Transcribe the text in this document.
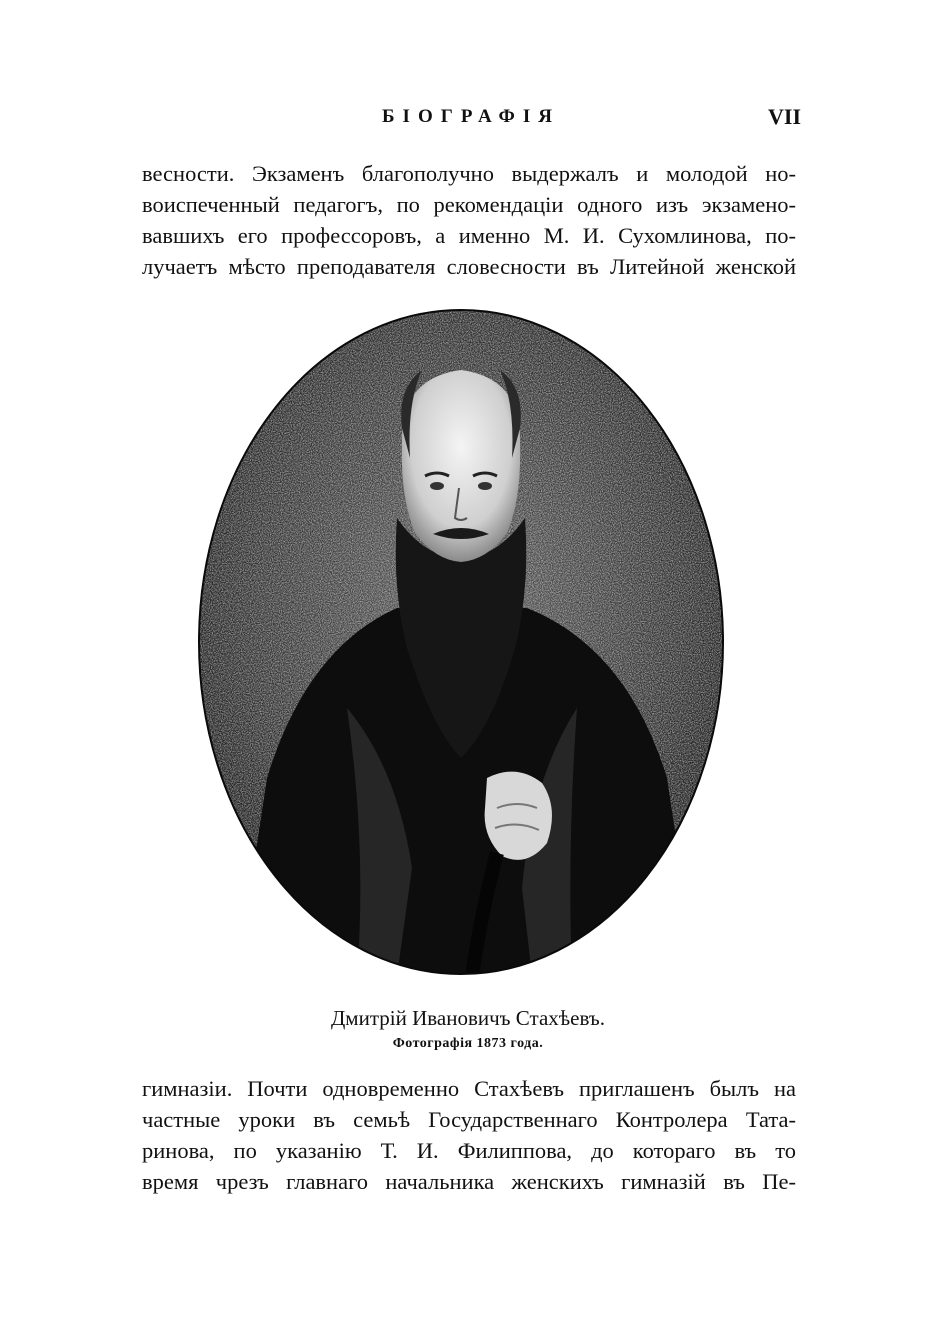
БІОГРАФІЯ	VII
весности. Экзаменъ благополучно выдержалъ и молодой но-
воиспеченный педагогъ, по рекомендаціи одного изъ экзамено-
вавшихъ его профессоровъ, а именно М. И. Сухомлинова, по-
лучаетъ мѣсто преподавателя словесности въ Литейной женской
Дмитрій Ивановичъ Стахѣевъ.
Фотографія 1873 года.
гимназіи. Почти одновременно Стахѣевъ приглашенъ былъ на
частные уроки въ семьѣ Государственнаго Контролера Тата-
ринова, по указанію Т. И. Филиппова, до котораго въ то
время чрезъ главнаго начальника женскихъ гимназій въ Пе-
